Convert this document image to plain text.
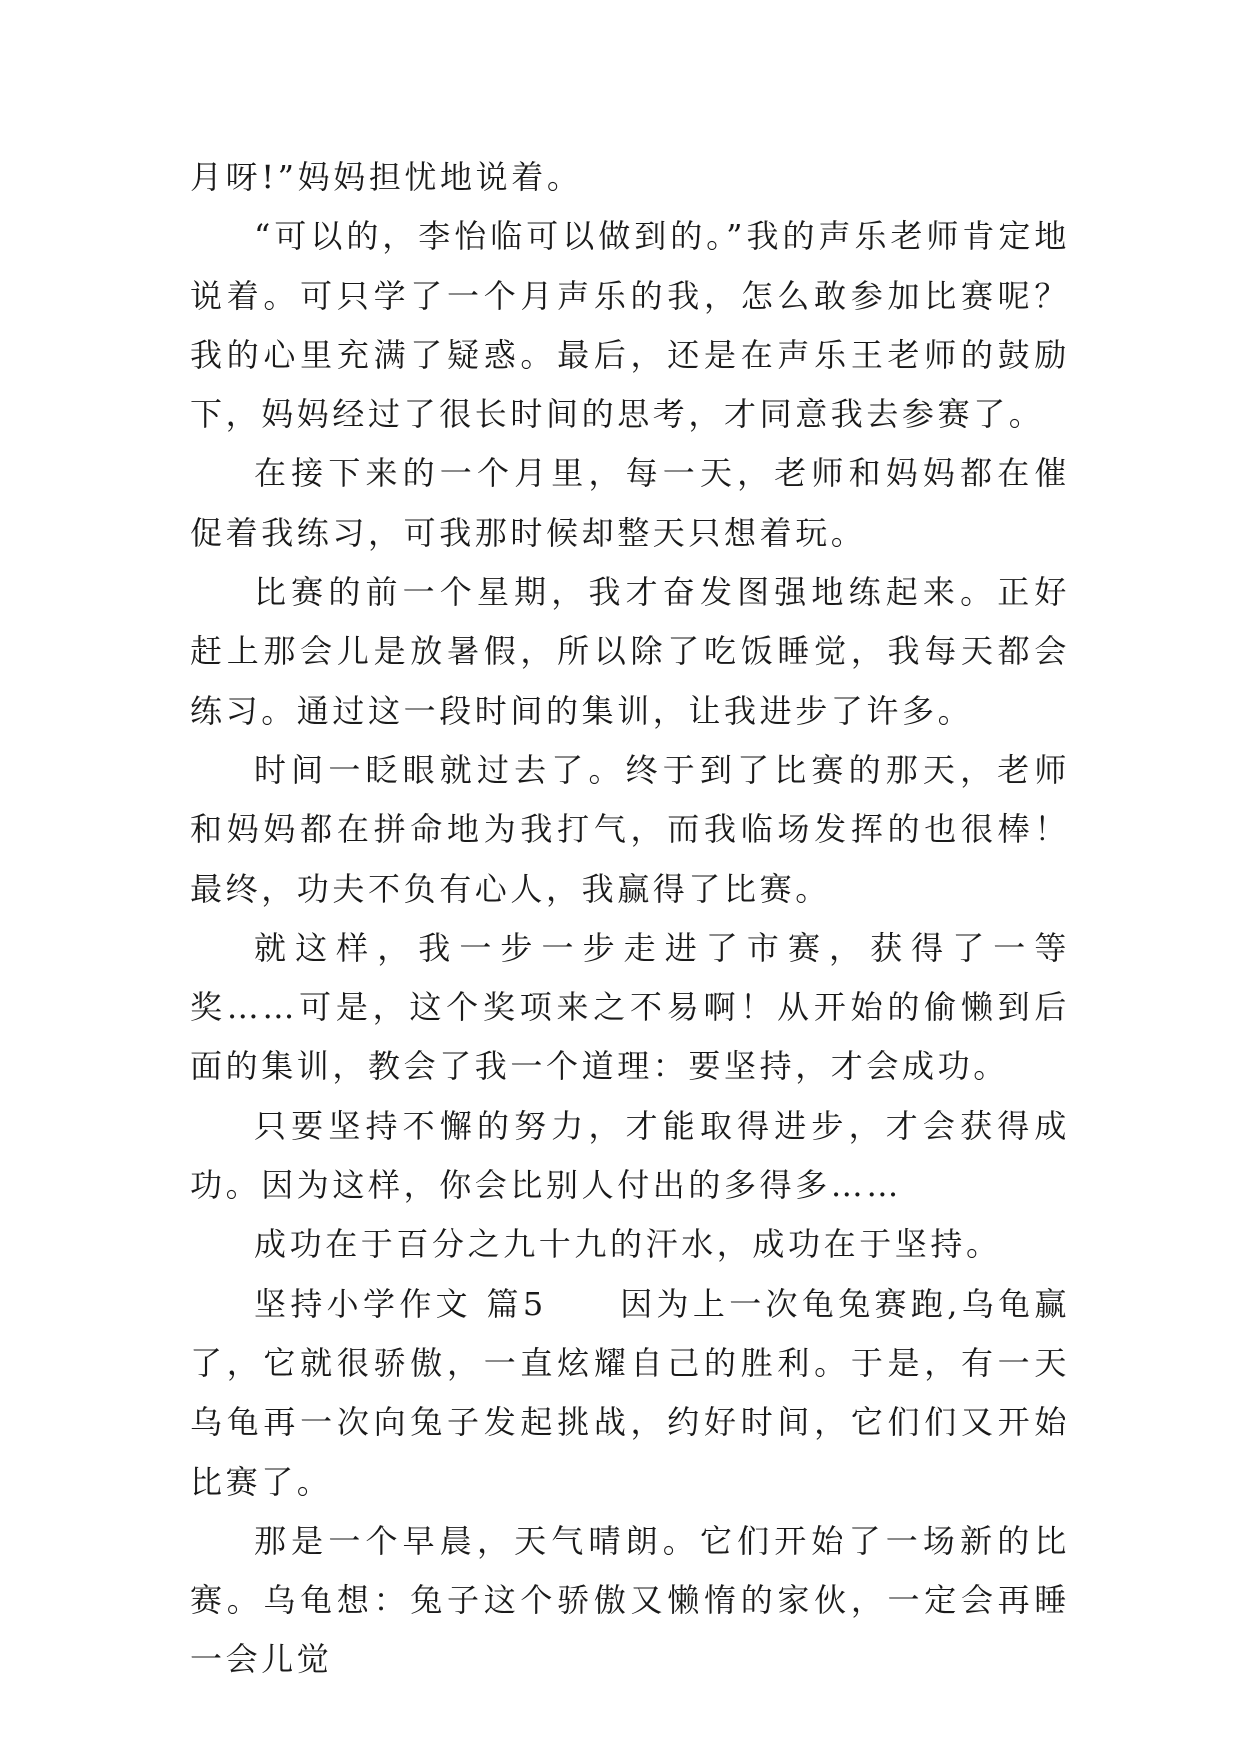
月呀!”妈妈担忧地说着。

“可以的，李怡临可以做到的。”我的声乐老师肯定地说着。可只学了一个月声乐的我，怎么敢参加比赛呢？我的心里充满了疑惑。最后，还是在声乐王老师的鼓励下，妈妈经过了很长时间的思考，才同意我去参赛了。

在接下来的一个月里，每一天，老师和妈妈都在催促着我练习，可我那时候却整天只想着玩。

比赛的前一个星期，我才奋发图强地练起来。正好赶上那会儿是放暑假，所以除了吃饭睡觉，我每天都会练习。通过这一段时间的集训，让我进步了许多。

时间一眨眼就过去了。终于到了比赛的那天，老师和妈妈都在拼命地为我打气，而我临场发挥的也很棒！最终，功夫不负有心人，我赢得了比赛。

就这样，我一步一步走进了市赛，获得了一等奖……可是，这个奖项来之不易啊！从开始的偷懒到后面的集训，教会了我一个道理：要坚持，才会成功。

只要坚持不懈的努力，才能取得进步，才会获得成功。因为这样，你会比别人付出的多得多……

成功在于百分之九十九的汗水，成功在于坚持。

坚持小学作文 篇5　　因为上一次龟兔赛跑,乌龟赢了，它就很骄傲，一直炫耀自己的胜利。于是，有一天乌龟再一次向兔子发起挑战，约好时间，它们们又开始比赛了。

那是一个早晨，天气晴朗。它们开始了一场新的比赛。乌龟想：兔子这个骄傲又懒惰的家伙，一定会再睡一会儿觉
